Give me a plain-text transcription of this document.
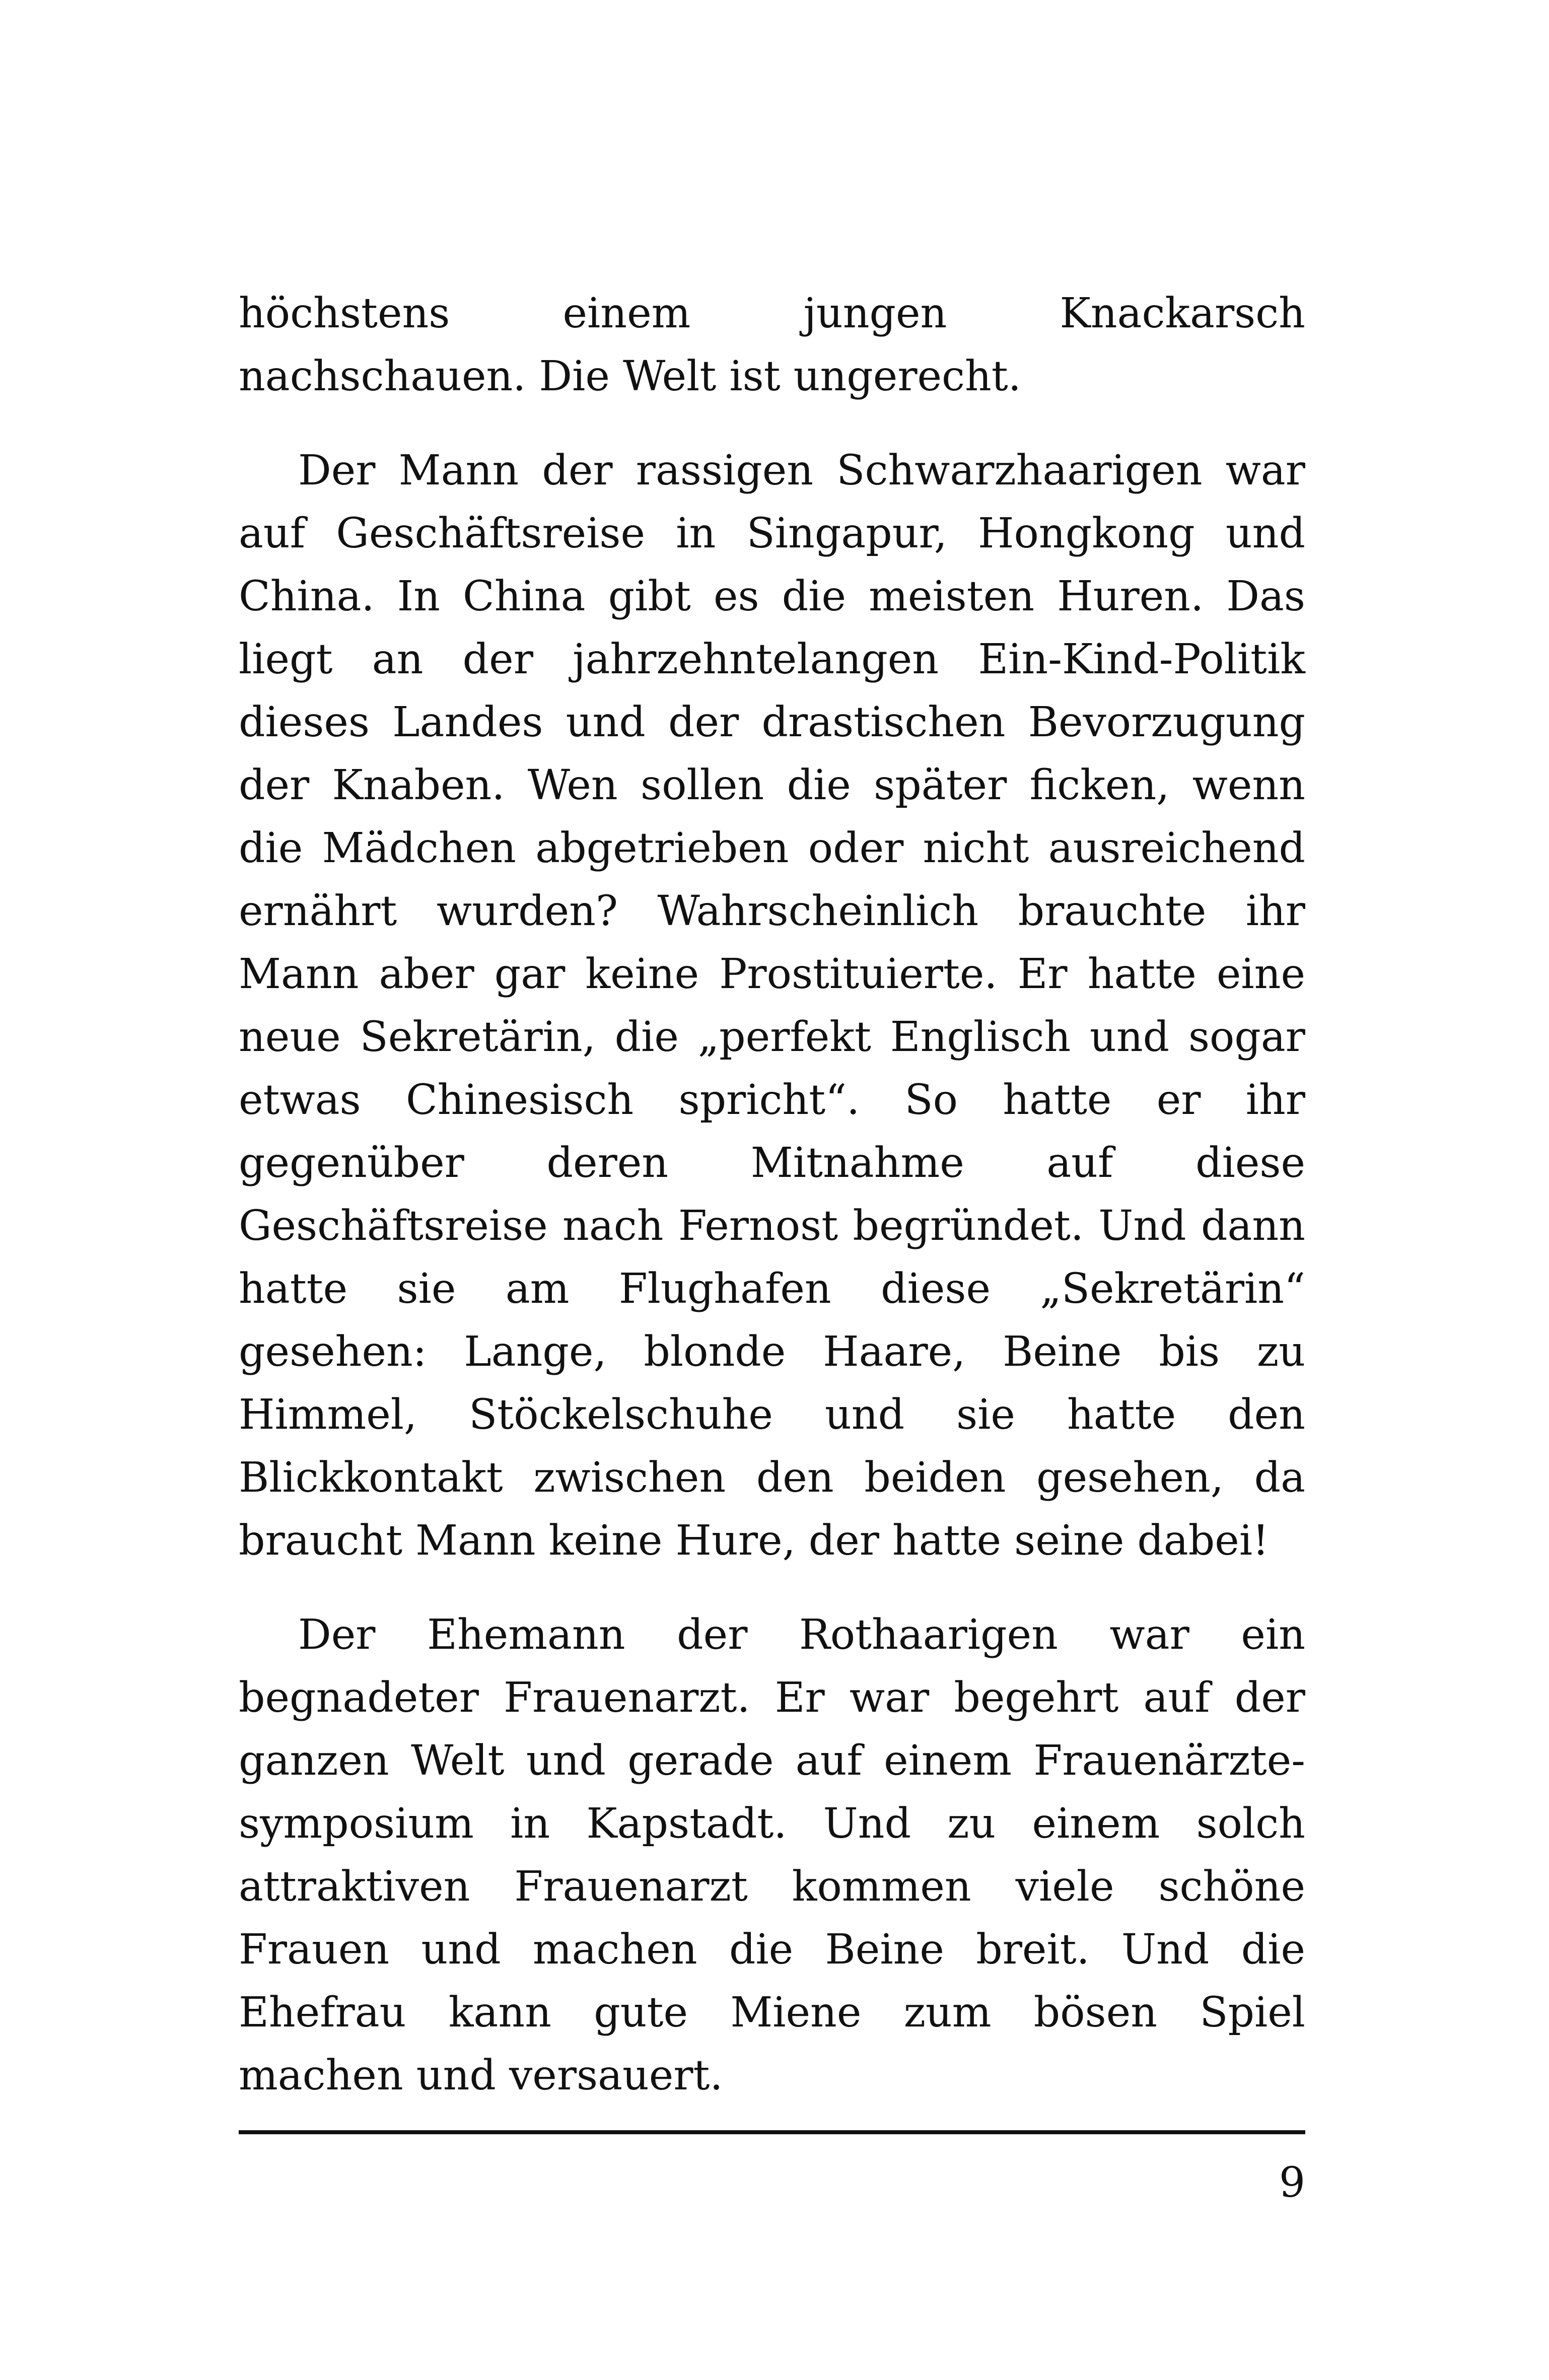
höchstens einem jungen Knackarsch nachschauen. Die Welt ist ungerecht.

Der Mann der rassigen Schwarzhaarigen war auf Geschäftsreise in Singapur, Hongkong und China. In China gibt es die meisten Huren. Das liegt an der jahrzehntelangen Ein-Kind-Politik dieses Landes und der drastischen Bevorzugung der Knaben. Wen sollen die später ficken, wenn die Mädchen abgetrieben oder nicht ausreichend ernährt wurden? Wahrscheinlich brauchte ihr Mann aber gar keine Prostituierte. Er hatte eine neue Sekretärin, die „perfekt Englisch und sogar etwas Chinesisch spricht“. So hatte er ihr gegenüber deren Mitnahme auf diese Geschäftsreise nach Fernost begründet. Und dann hatte sie am Flughafen diese „Sekretärin“ gesehen: Lange, blonde Haare, Beine bis zu Himmel, Stöckelschuhe und sie hatte den Blickkontakt zwischen den beiden gesehen, da braucht Mann keine Hure, der hatte seine dabei!

Der Ehemann der Rothaarigen war ein begnadeter Frauenarzt. Er war begehrt auf der ganzen Welt und gerade auf einem Frauenärzte-symposium in Kapstadt. Und zu einem solch attraktiven Frauenarzt kommen viele schöne Frauen und machen die Beine breit. Und die Ehefrau kann gute Miene zum bösen Spiel machen und versauert.

9
